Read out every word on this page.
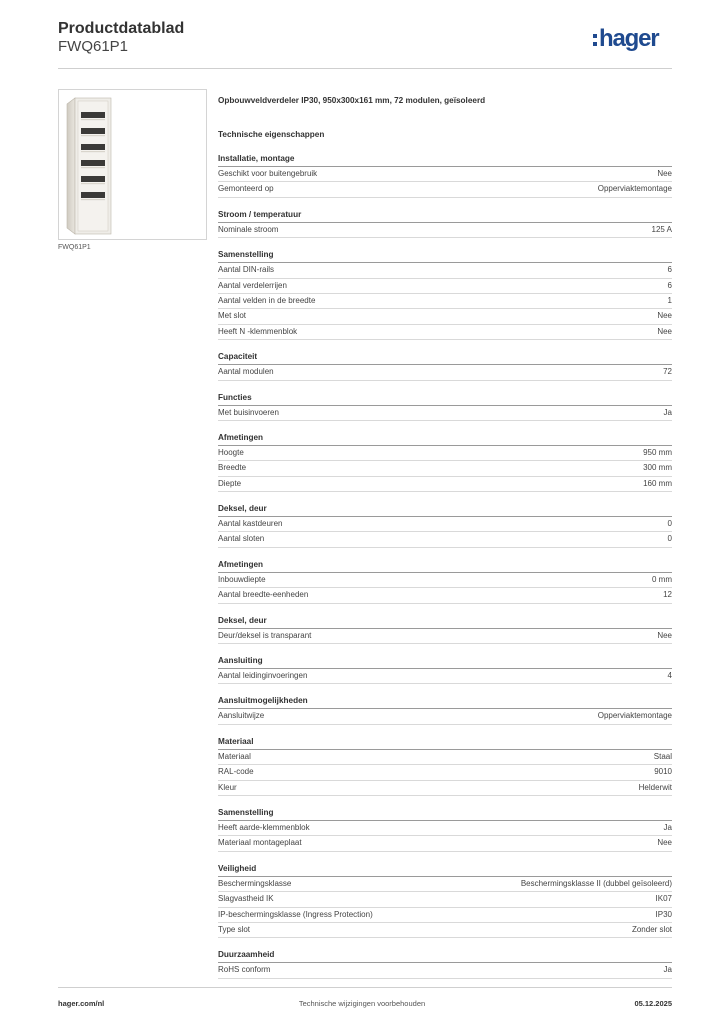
Productdatablad
FWQ61P1	hager
FWQ61P1

Opbouwveldverdeler IP30, 950x300x161 mm, 72 modulen, geïsoleerd

Technische eigenschappen
Installatie, montage
Geschikt voor buitengebruik	Nee
Gemonteerd op	Opperviaktemontage
Stroom / temperatuur
Nominale stroom	125 A
Samenstelling
Aantal DIN-rails	6
Aantal verdelerrijen	6
Aantal velden in de breedte	1
Met slot	Nee
Heeft N -klemmenblok	Nee
Capaciteit
Aantal modulen	72
Functies
Met buisinvoeren	Ja
Afmetingen
Hoogte	950 mm
Breedte	300 mm
Diepte	160 mm
Deksel, deur
Aantal kastdeuren	0
Aantal sloten	0
Afmetingen
Inbouwdiepte	0 mm
Aantal breedte-eenheden	12
Deksel, deur
Deur/deksel is transparant	Nee
Aansluiting
Aantal leidinginvoeringen	4
Aansluitmogelijkheden
Aansluitwijze	Opperviaktemontage
Materiaal
Materiaal	Staal
RAL-code	9010
Kleur	Helderwit
Samenstelling
Heeft aarde-klemmenblok	Ja
Materiaal montageplaat	Nee
Veiligheid
Beschermingsklasse	Beschermingsklasse II (dubbel geïsoleerd)
Slagvastheid IK	IK07
IP-beschermingsklasse (Ingress Protection)	IP30
Type slot	Zonder slot
Duurzaamheid
RoHS conform	Ja
hager.com/nl	Technische wijzigingen voorbehouden	05.12.2025
